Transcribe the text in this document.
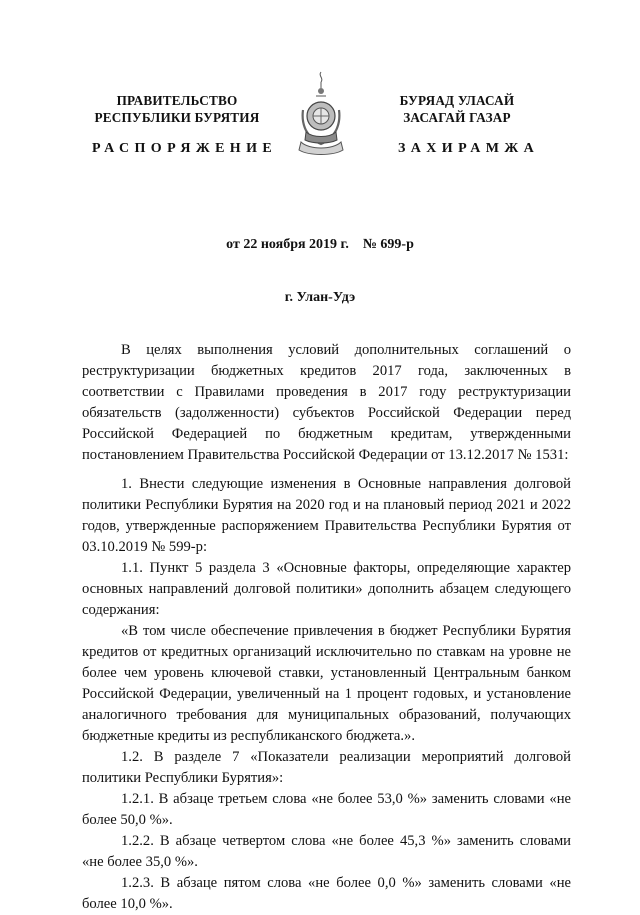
ПРАВИТЕЛЬСТВО
РЕСПУБЛИКИ БУРЯТИЯ
БУРЯАД УЛАСАЙ
ЗАСАГАЙ ГАЗАР
РАСПОРЯЖЕНИЕ	ЗАХИРАМЖА
от 22 ноября 2019 г. № 699-р
г. Улан-Удэ

В целях выполнения условий дополнительных соглашений о реструктуризации бюджетных кредитов 2017 года, заключенных в соответствии с Правилами проведения в 2017 году реструктуризации обязательств (задолженности) субъектов Российской Федерации перед Российской Федерацией по бюджетным кредитам, утвержденными постановлением Правительства Российской Федерации от 13.12.2017 № 1531:

1. Внести следующие изменения в Основные направления долговой политики Республики Бурятия на 2020 год и на плановый период 2021 и 2022 годов, утвержденные распоряжением Правительства Республики Бурятия от 03.10.2019 № 599-р:

1.1. Пункт 5 раздела 3 «Основные факторы, определяющие характер основных направлений долговой политики» дополнить абзацем следующего содержания:

«В том числе обеспечение привлечения в бюджет Республики Бурятия кредитов от кредитных организаций исключительно по ставкам на уровне не более чем уровень ключевой ставки, установленный Центральным банком Российской Федерации, увеличенный на 1 процент годовых, и установление аналогичного требования для муниципальных образований, получающих бюджетные кредиты из республиканского бюджета.».

1.2. В разделе 7 «Показатели реализации мероприятий долговой политики Республики Бурятия»:

1.2.1. В абзаце третьем слова «не более 53,0 %» заменить словами «не более 50,0 %».

1.2.2. В абзаце четвертом слова «не более 45,3 %» заменить словами «не более 35,0 %».

1.2.3. В абзаце пятом слова «не более 0,0 %» заменить словами «не более 10,0 %».
